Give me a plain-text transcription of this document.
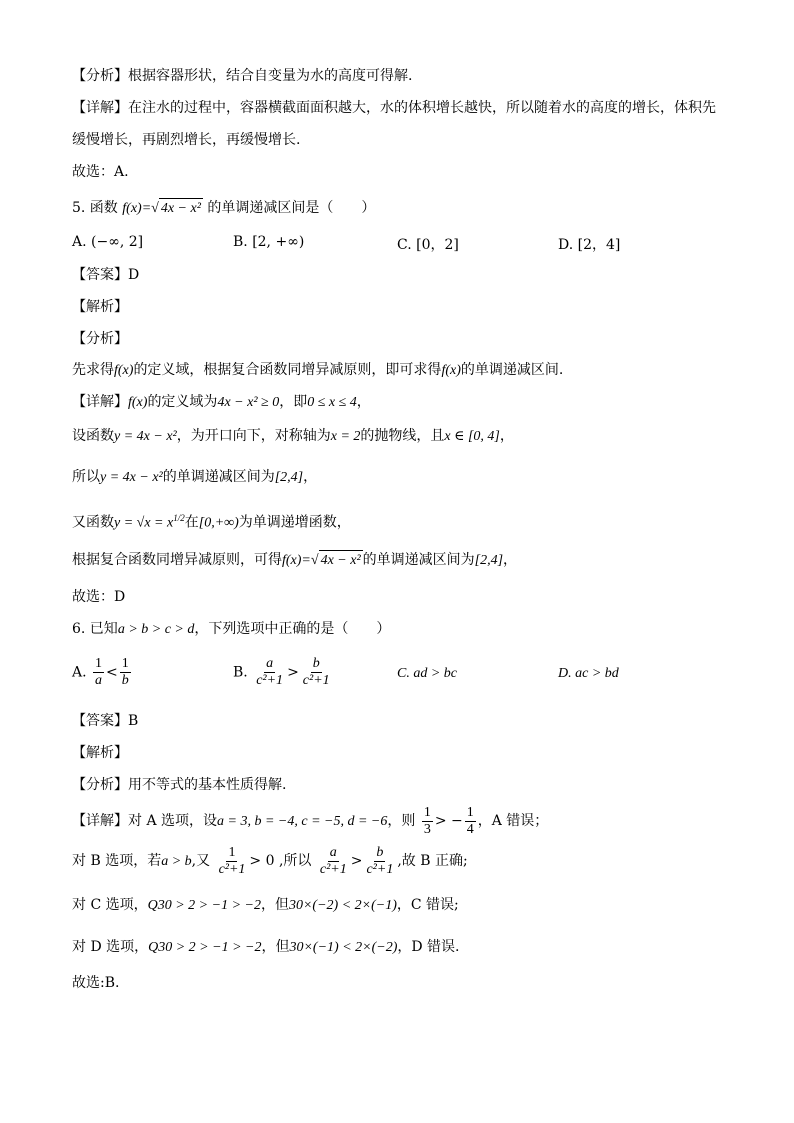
【分析】根据容器形状，结合自变量为水的高度可得解.
【详解】在注水的过程中，容器横截面面积越大，水的体积增长越快，所以随着水的高度的增长，体积先
缓慢增长，再剧烈增长，再缓慢增长.
故选：A.
5. 函数 f(x)=√ 4x − x² 的单调递减区间是（　　）
A. (−∞, 2]	B. [2, +∞)	C. [0，2]	D. [2，4]
【答案】D
【解析】
【分析】
先求得f(x)的定义域，根据复合函数同增异减原则，即可求得f(x)的单调递减区间.
【详解】f(x)的定义域为4x − x² ≥ 0，即0 ≤ x ≤ 4，
设函数y = 4x − x²，为开口向下，对称轴为x = 2的抛物线，且x ∈ [0, 4]，
所以y = 4x − x²的单调递减区间为[2,4]，
又函数$y = √x = x^{1/2}$在[0,+∞)为单调递增函数，
根据复合函数同增异减原则，可得f(x)=√ 4x − x² 的单调递减区间为[2,4]，
故选：D
6. 已知a > b > c > d，下列选项中正确的是（　　）
A. $\frac{1}{a} < \frac{1}{b}$	B. $\frac{a}{\text{c²+1}} > \frac{b}{\text{c²+1}}$	C. ad > bc	D. ac > bd
【答案】B
【解析】
【分析】用不等式的基本性质得解.
【详解】对 A 选项，设a = 3, b = −4, c = −5, d = −6，则 $\frac{1}{3}$ > − $\frac{1}{4}$ ，A 错误；
对 B 选项，若a > b,又 $\frac{1}{\text{c²+1}} > 0$ ,所以 $\frac{a}{\text{c²+1}} > \frac{b}{\text{c²+1}}$ ,故 B 正确;
对 C 选项，Q30 > 2 > −1 > −2，但30×(−2) < 2×(−1)，C 错误;
对 D 选项，Q30 > 2 > −1 > −2，但30×(−1) < 2×(−2)，D 错误.
故选:B.
